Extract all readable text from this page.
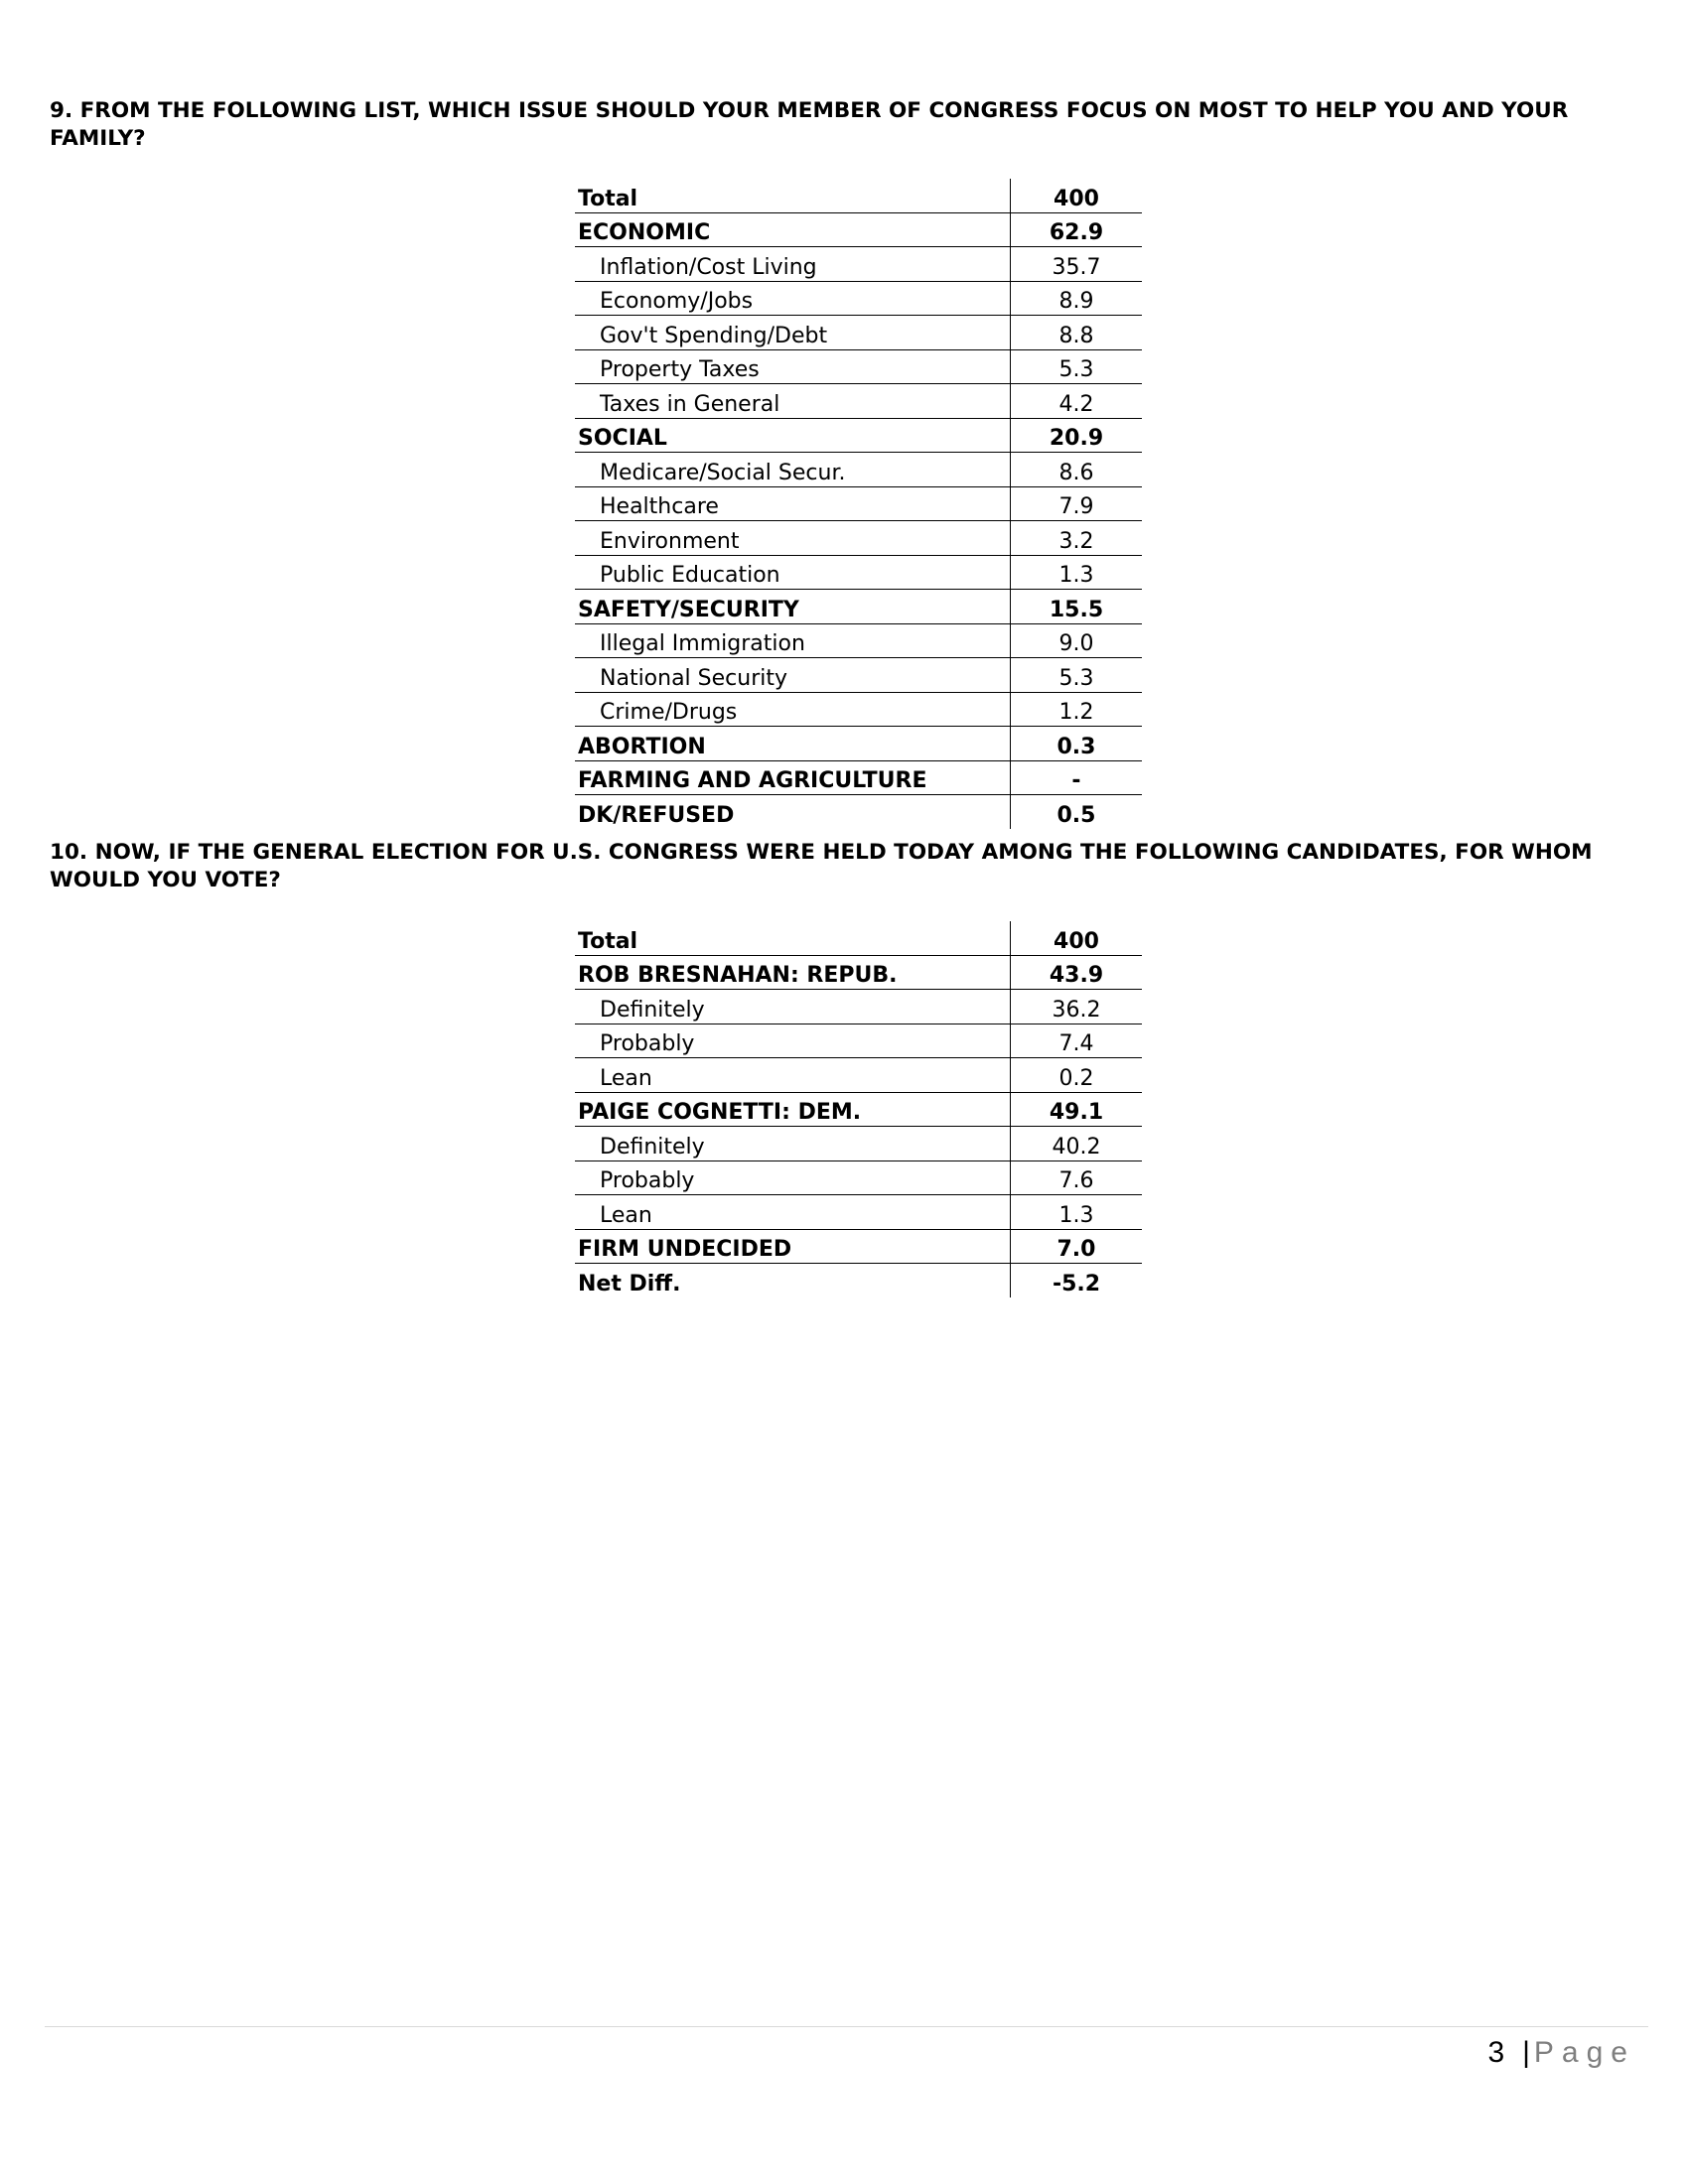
9. FROM THE FOLLOWING LIST, WHICH ISSUE SHOULD YOUR MEMBER OF CONGRESS FOCUS ON MOST TO HELP YOU AND YOUR FAMILY?

Total	400
ECONOMIC	62.9
Inflation/Cost Living	35.7
Economy/Jobs	8.9
Gov't Spending/Debt	8.8
Property Taxes	5.3
Taxes in General	4.2
SOCIAL	20.9
Medicare/Social Secur.	8.6
Healthcare	7.9
Environment	3.2
Public Education	1.3
SAFETY/SECURITY	15.5
Illegal Immigration	9.0
National Security	5.3
Crime/Drugs	1.2
ABORTION	0.3
FARMING AND AGRICULTURE	-
DK/REFUSED	0.5

10. NOW, IF THE GENERAL ELECTION FOR U.S. CONGRESS WERE HELD TODAY AMONG THE FOLLOWING CANDIDATES, FOR WHOM WOULD YOU VOTE?

Total	400
ROB BRESNAHAN: REPUB.	43.9
Definitely	36.2
Probably	7.4
Lean	0.2
PAIGE COGNETTI: DEM.	49.1
Definitely	40.2
Probably	7.6
Lean	1.3
FIRM UNDECIDED	7.0
Net Diff.	-5.2
3 | Page
